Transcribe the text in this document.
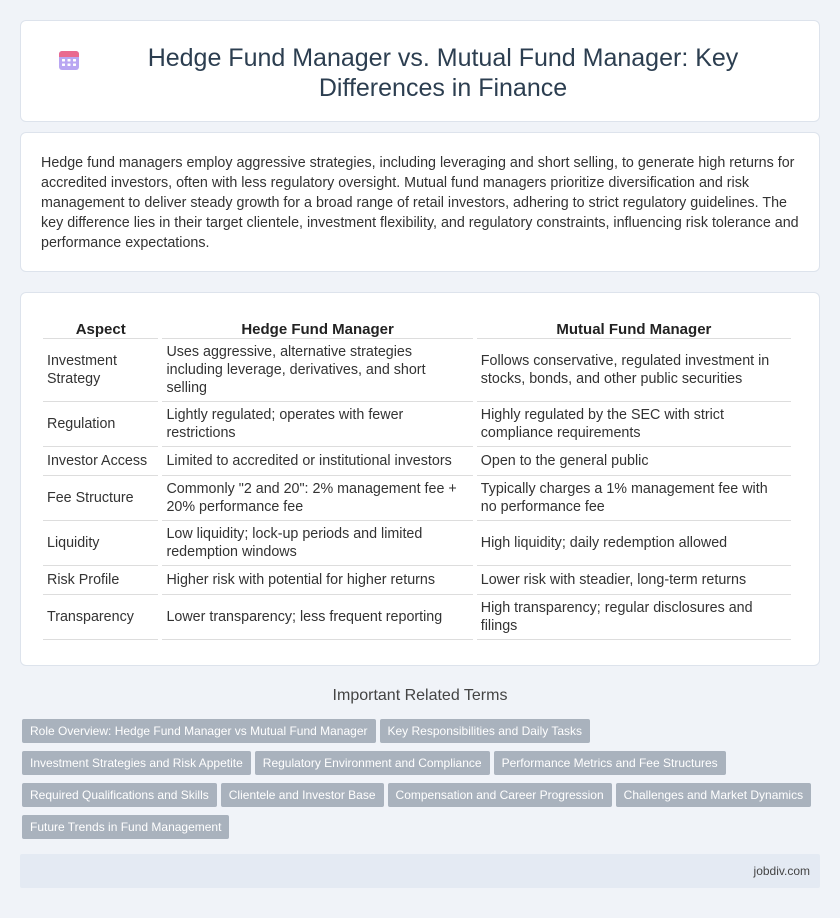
Hedge Fund Manager vs. Mutual Fund Manager: Key Differences in Finance

Hedge fund managers employ aggressive strategies, including leveraging and short selling, to generate high returns for accredited investors, often with less regulatory oversight. Mutual fund managers prioritize diversification and risk management to deliver steady growth for a broad range of retail investors, adhering to strict regulatory guidelines. The key difference lies in their target clientele, investment flexibility, and regulatory constraints, influencing risk tolerance and performance expectations.

Aspect	Hedge Fund Manager	Mutual Fund Manager
Investment Strategy	Uses aggressive, alternative strategies including leverage, derivatives, and short selling	Follows conservative, regulated investment in stocks, bonds, and other public securities
Regulation	Lightly regulated; operates with fewer restrictions	Highly regulated by the SEC with strict compliance requirements
Investor Access	Limited to accredited or institutional investors	Open to the general public
Fee Structure	Commonly "2 and 20": 2% management fee + 20% performance fee	Typically charges a 1% management fee with no performance fee
Liquidity	Low liquidity; lock-up periods and limited redemption windows	High liquidity; daily redemption allowed
Risk Profile	Higher risk with potential for higher returns	Lower risk with steadier, long-term returns
Transparency	Lower transparency; less frequent reporting	High transparency; regular disclosures and filings
Important Related Terms
Role Overview: Hedge Fund Manager vs Mutual Fund Manager Key Responsibilities and Daily Tasks
Investment Strategies and Risk Appetite Regulatory Environment and Compliance Performance Metrics and Fee Structures
Required Qualifications and Skills Clientele and Investor Base Compensation and Career Progression Challenges and Market Dynamics
Future Trends in Fund Management
jobdiv.com
